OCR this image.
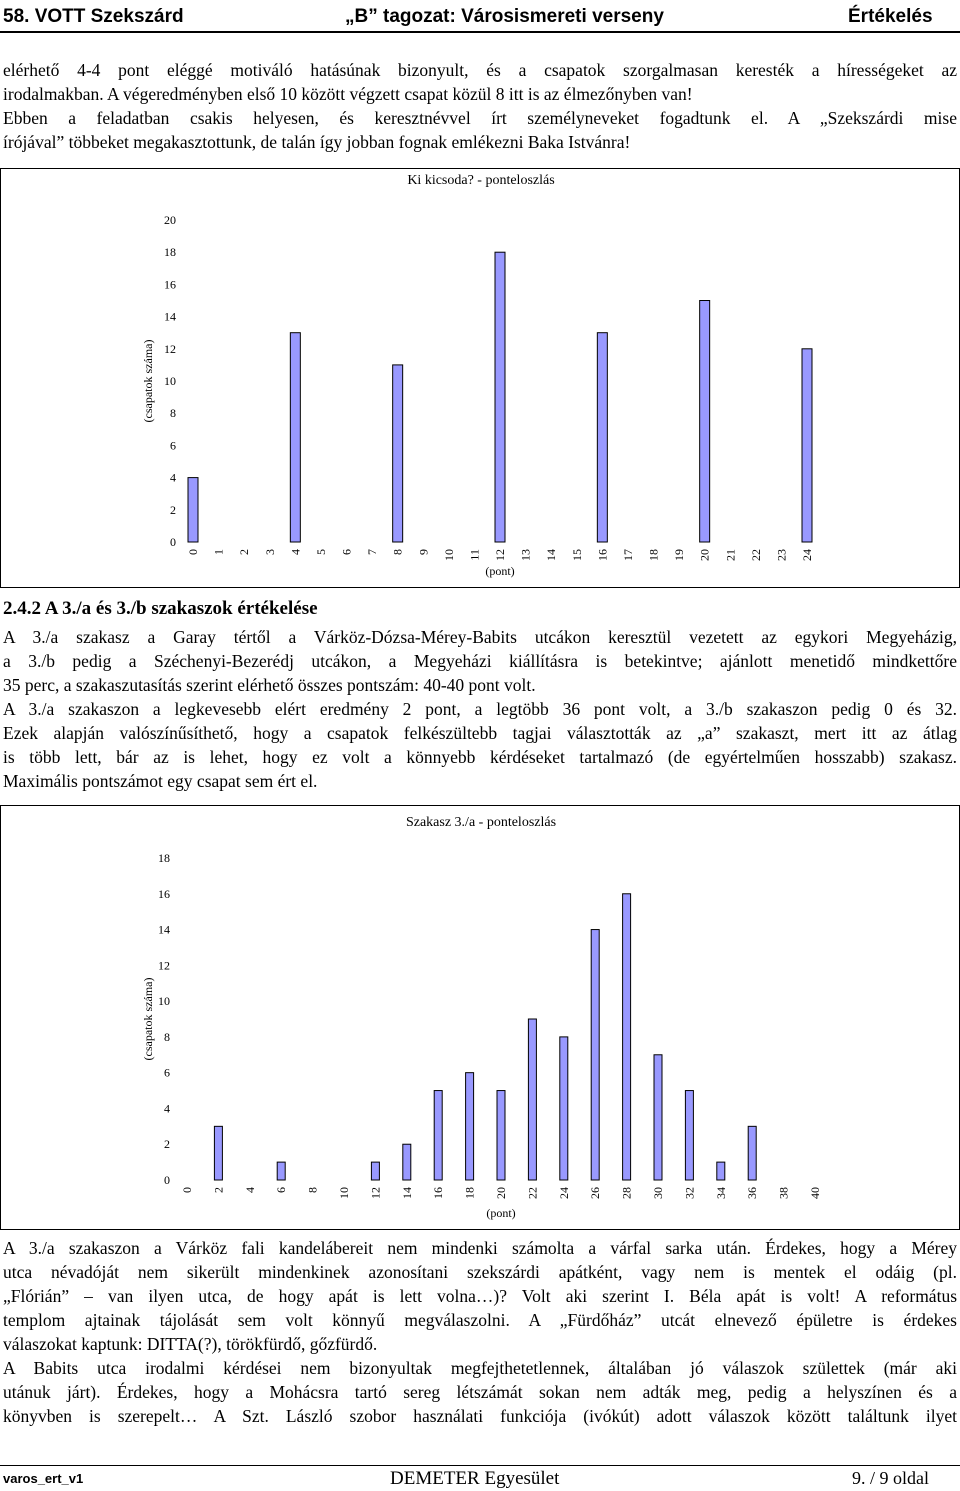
58. VOTT Szekszárd	„B” tagozat: Városismereti verseny	Értékelés
elérhető 4-4 pont eléggé motiváló hatásúnak bizonyult, és a csapatok szorgalmasan keresték a hírességeket az
irodalmakban. A végeredményben első 10 között végzett csapat közül 8 itt is az élmezőnyben van!
Ebben a feladatban csakis helyesen, és keresztnévvel írt személyneveket fogadtunk el. A „Szekszárdi mise
írójával” többeket megakasztottunk, de talán így jobban fognak emlékezni Baka Istvánra!
Ki kicsoda? - ponteloszlás
(csapatok száma)
0
2
4
6
8
10
12
14
16
18
20
0 1 2 3 4 5 6 7 8 9 10 11 12 13 14 15 16 17 18 19 20 21 22 23 24
(pont)
2.4.2 A 3./a és 3./b szakaszok értékelése
A 3./a szakasz a Garay tértől a Várköz-Dózsa-Mérey-Babits utcákon keresztül vezetett az egykori Megyeházig,
a 3./b pedig a Széchenyi-Bezerédj utcákon, a Megyeházi kiállításra is betekintve; ajánlott menetidő mindkettőre
35 perc, a szakaszutasítás szerint elérhető összes pontszám: 40-40 pont volt.
A 3./a szakaszon a legkevesebb elért eredmény 2 pont, a legtöbb 36 pont volt, a 3./b szakaszon pedig 0 és 32.
Ezek alapján valószínűsíthető, hogy a csapatok felkészültebb tagjai választották az „a” szakaszt, mert itt az átlag
is több lett, bár az is lehet, hogy ez volt a könnyebb kérdéseket tartalmazó (de egyértelműen hosszabb) szakasz.
Maximális pontszámot egy csapat sem ért el.
Szakasz 3./a - ponteloszlás
(csapatok száma)
0
2
4
6
8
10
12
14
16
18
0 2 4 6 8 10 12 14 16 18 20 22 24 26 28 30 32 34 36 38 40
(pont)
A 3./a szakaszon a Várköz fali kandelábereit nem mindenki számolta a várfal sarka után. Érdekes, hogy a Mérey
utca névadóját nem sikerült mindenkinek azonosítani szekszárdi apátként, vagy nem is mentek el odáig (pl.
„Flórián” – van ilyen utca, de hogy apát is lett volna…)? Volt aki szerint I. Béla apát is volt! A református
templom ajtainak tájolását sem volt könnyű megválaszolni. A „Fürdőház” utcát elnevező épületre is érdekes
válaszokat kaptunk: DITTA(?), törökfürdő, gőzfürdő.
A Babits utca irodalmi kérdései nem bizonyultak megfejthetetlennek, általában jó válaszok születtek (már aki
utánuk járt). Érdekes, hogy a Mohácsra tartó sereg létszámát sokan nem adták meg, pedig a helyszínen és a
könyvben is szerepelt… A Szt. László szobor használati funkciója (ivókút) adott válaszok között találtunk ilyet
varos_ert_v1	DEMETER Egyesület	9. / 9 oldal
